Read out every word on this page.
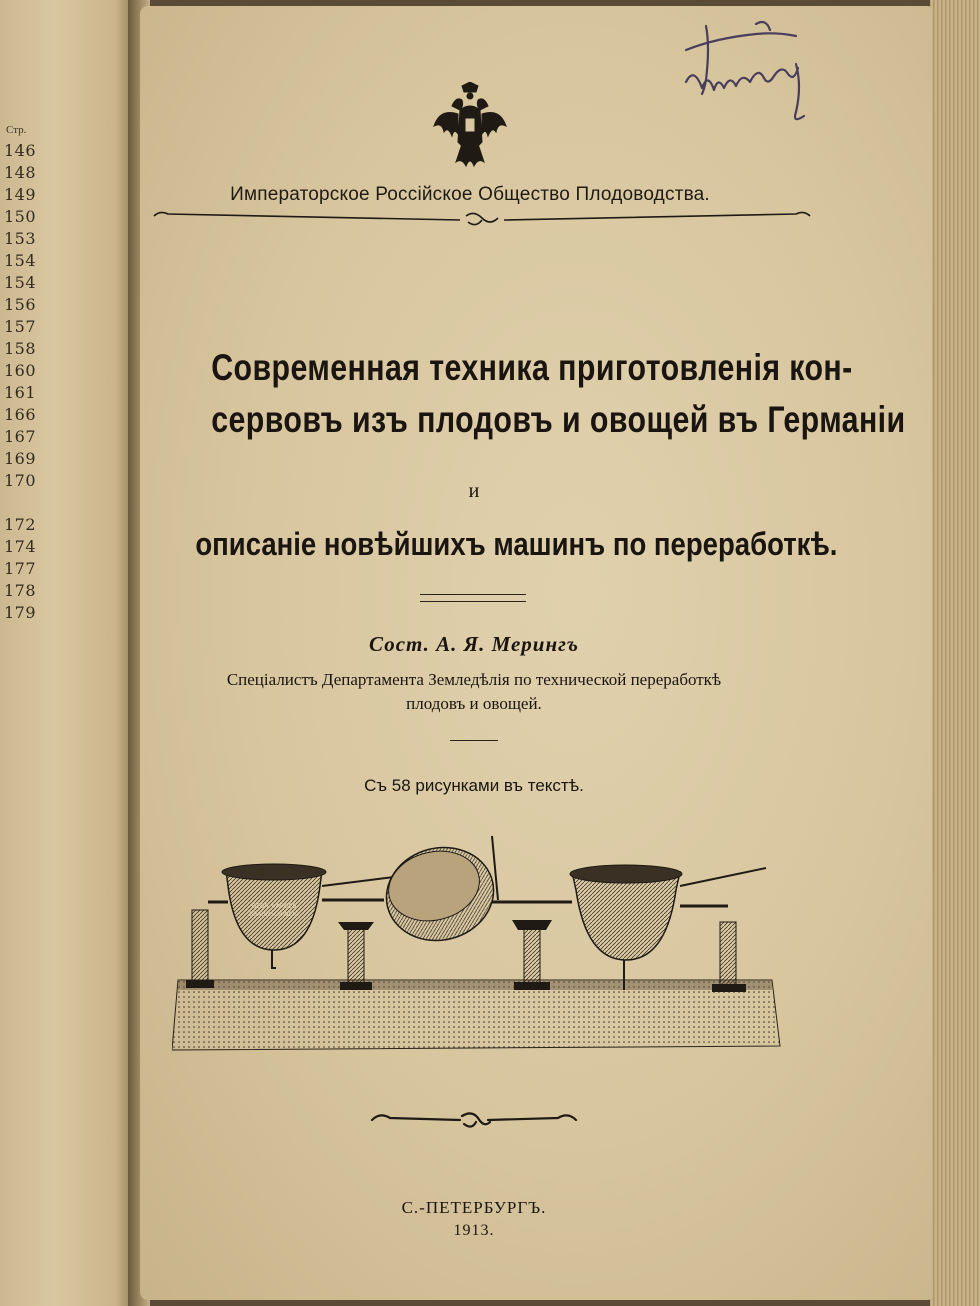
Стр.
146
148
149
150
153
154
154
156
157
158
160
161
166
167
169
170
172
174
177
178
179
Императорское Россійское Общество Плодоводства.
Современная техника приготовленія кон-
сервовъ изъ плодовъ и овощей въ Германіи
и
описаніе новѣйшихъ машинъ по переработкѣ.
Сост. А. Я. Мерингъ
Спеціалистъ Департамента Земледѣлія по технической переработкѣ
плодовъ и овощей.
Съ 58 рисунками въ текстѣ.
GEBR. KARGES
BRAUNSCHWEIG
С.-ПЕТЕРБУРГЪ.
1913.
